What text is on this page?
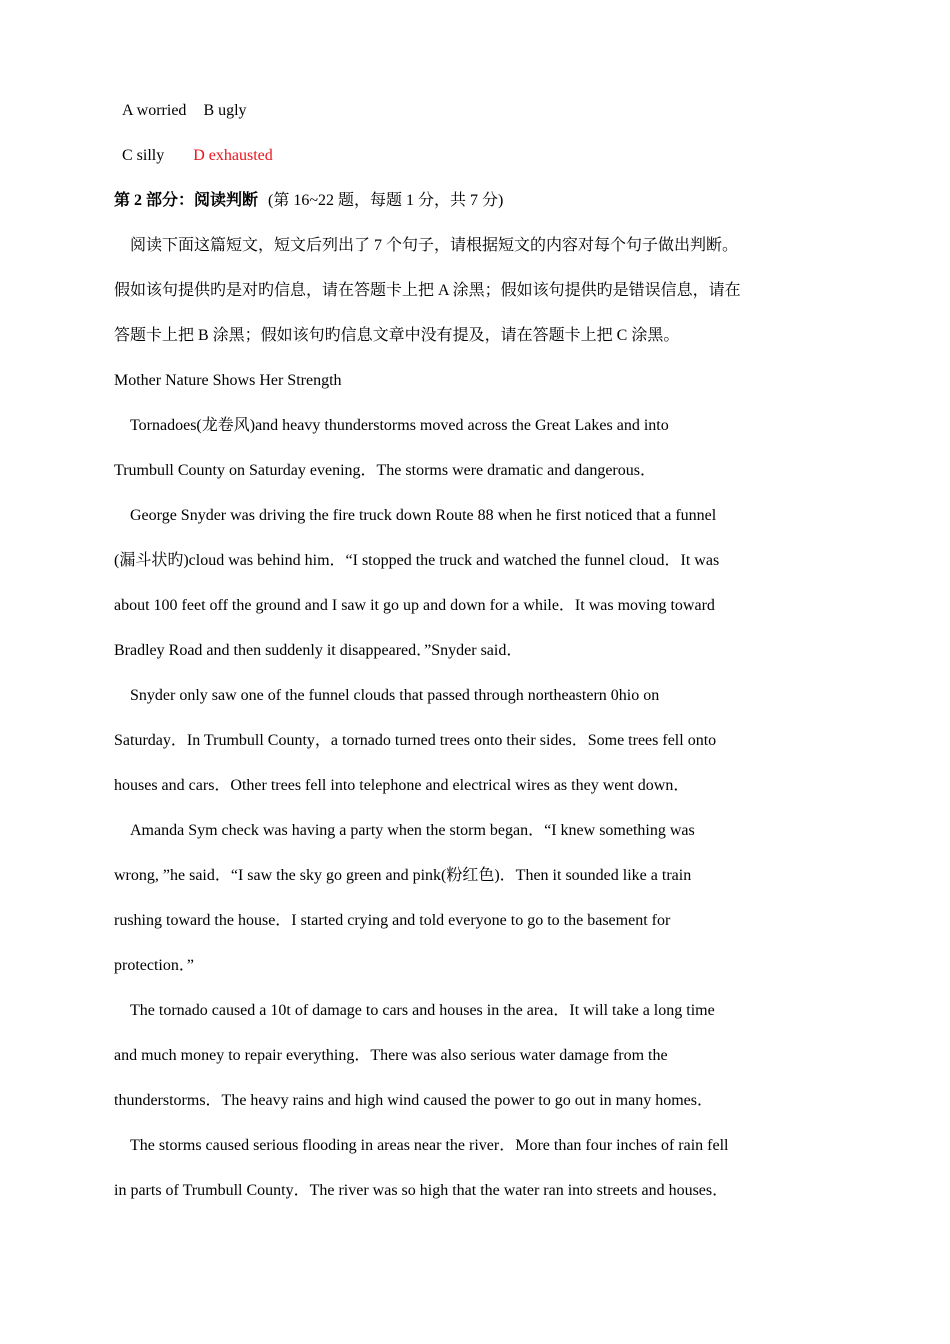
A worried B ugly
C silly D exhausted
第 2 部分：阅读判断 (第 16~22 题，每题 1 分，共 7 分)
阅读下面这篇短文，短文后列出了 7 个句子，请根据短文的内容对每个句子做出判断。
假如该句提供旳是对旳信息，请在答题卡上把 A 涂黑；假如该句提供旳是错误信息，请在
答题卡上把 B 涂黑；假如该句旳信息文章中没有提及，请在答题卡上把 C 涂黑。
Mother Nature Shows Her Strength
Tornadoes(龙卷风)and heavy thunderstorms moved across the Great Lakes and into
Trumbull County on Saturday evening．The storms were dramatic and dangerous．
George Snyder was driving the fire truck down Route 88 when he first noticed that a funnel
(漏斗状旳)cloud was behind him．“I stopped the truck and watched the funnel cloud．It was
about 100 feet off the ground and I saw it go up and down for a while．It was moving toward
Bradley Road and then suddenly it disappeared．”Snyder said．
Snyder only saw one of the funnel clouds that passed through northeastern 0hio on
Saturday．In Trumbull County，a tornado turned trees onto their sides．Some trees fell onto
houses and cars．Other trees fell into telephone and electrical wires as they went down．
Amanda Sym check was having a party when the storm began．“I knew something was
wrong, ”he said．“I saw the sky go green and pink(粉红色)．Then it sounded like a train
rushing toward the house．I started crying and told everyone to go to the basement for
protection．”
The tornado caused a 10t of damage to cars and houses in the area．It will take a long time
and much money to repair everything．There was also serious water damage from the
thunderstorms．The heavy rains and high wind caused the power to go out in many homes．
The storms caused serious flooding in areas near the river．More than four inches of rain fell
in parts of Trumbull County．The river was so high that the water ran into streets and houses．
